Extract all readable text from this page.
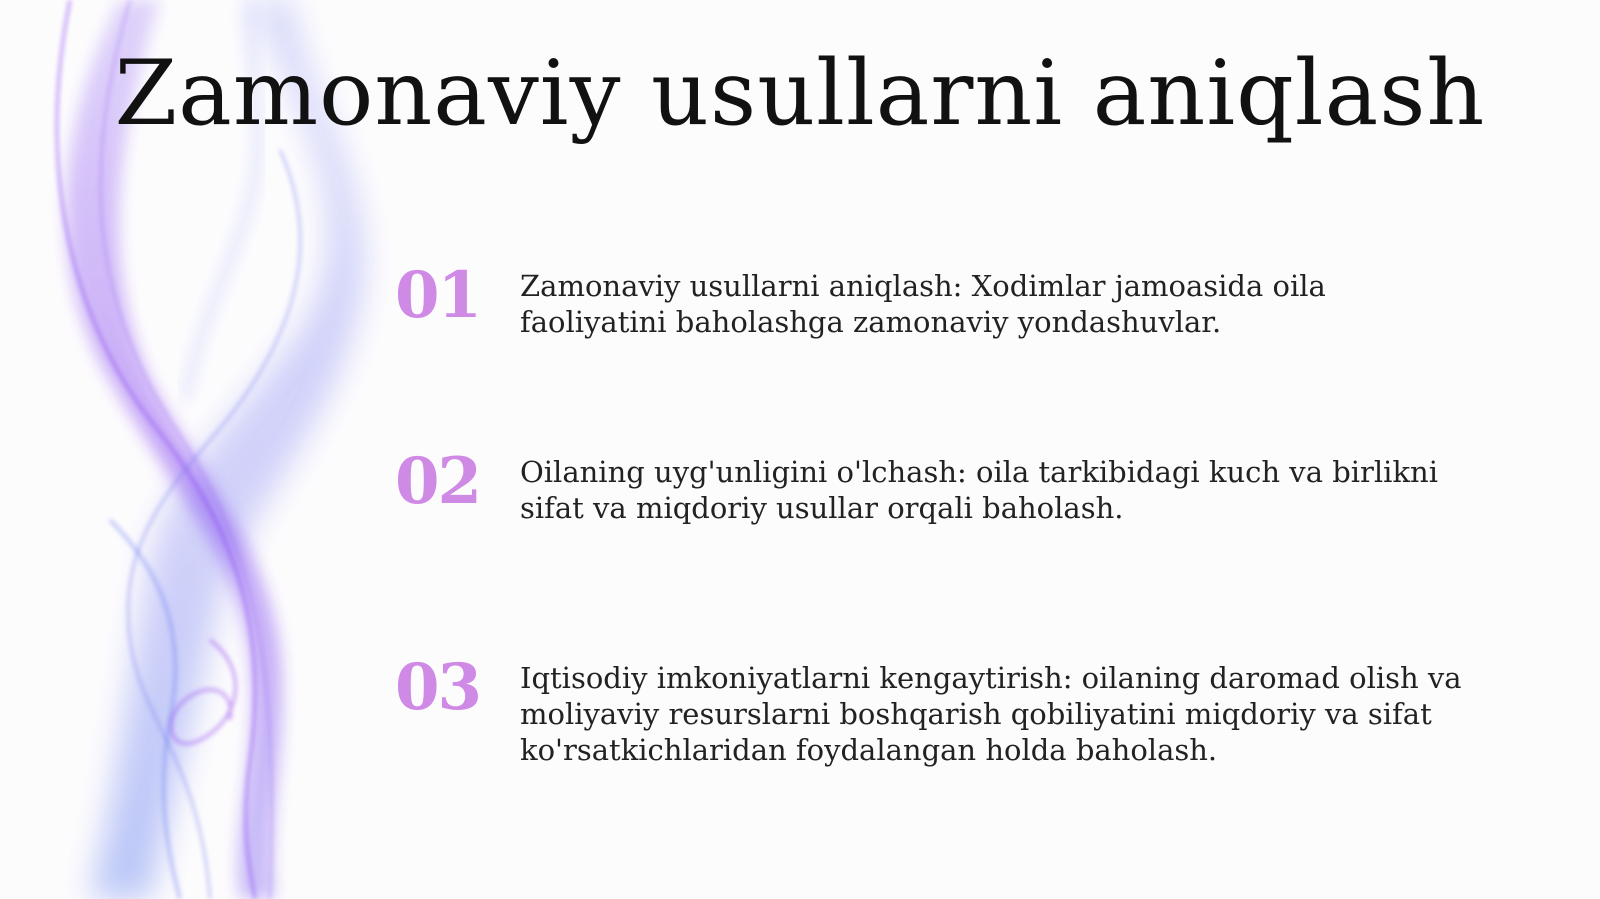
Zamonaviy usullarni aniqlash
01	Zamonaviy usullarni aniqlash: Xodimlar jamoasida oila faoliyatini baholashga zamonaviy yondashuvlar.
02	Oilaning uyg'unligini o'lchash: oila tarkibidagi kuch va birlikni sifat va miqdoriy usullar orqali baholash.
03	Iqtisodiy imkoniyatlarni kengaytirish: oilaning daromad olish va moliyaviy resurslarni boshqarish qobiliyatini miqdoriy va sifat ko'rsatkichlaridan foydalangan holda baholash.
